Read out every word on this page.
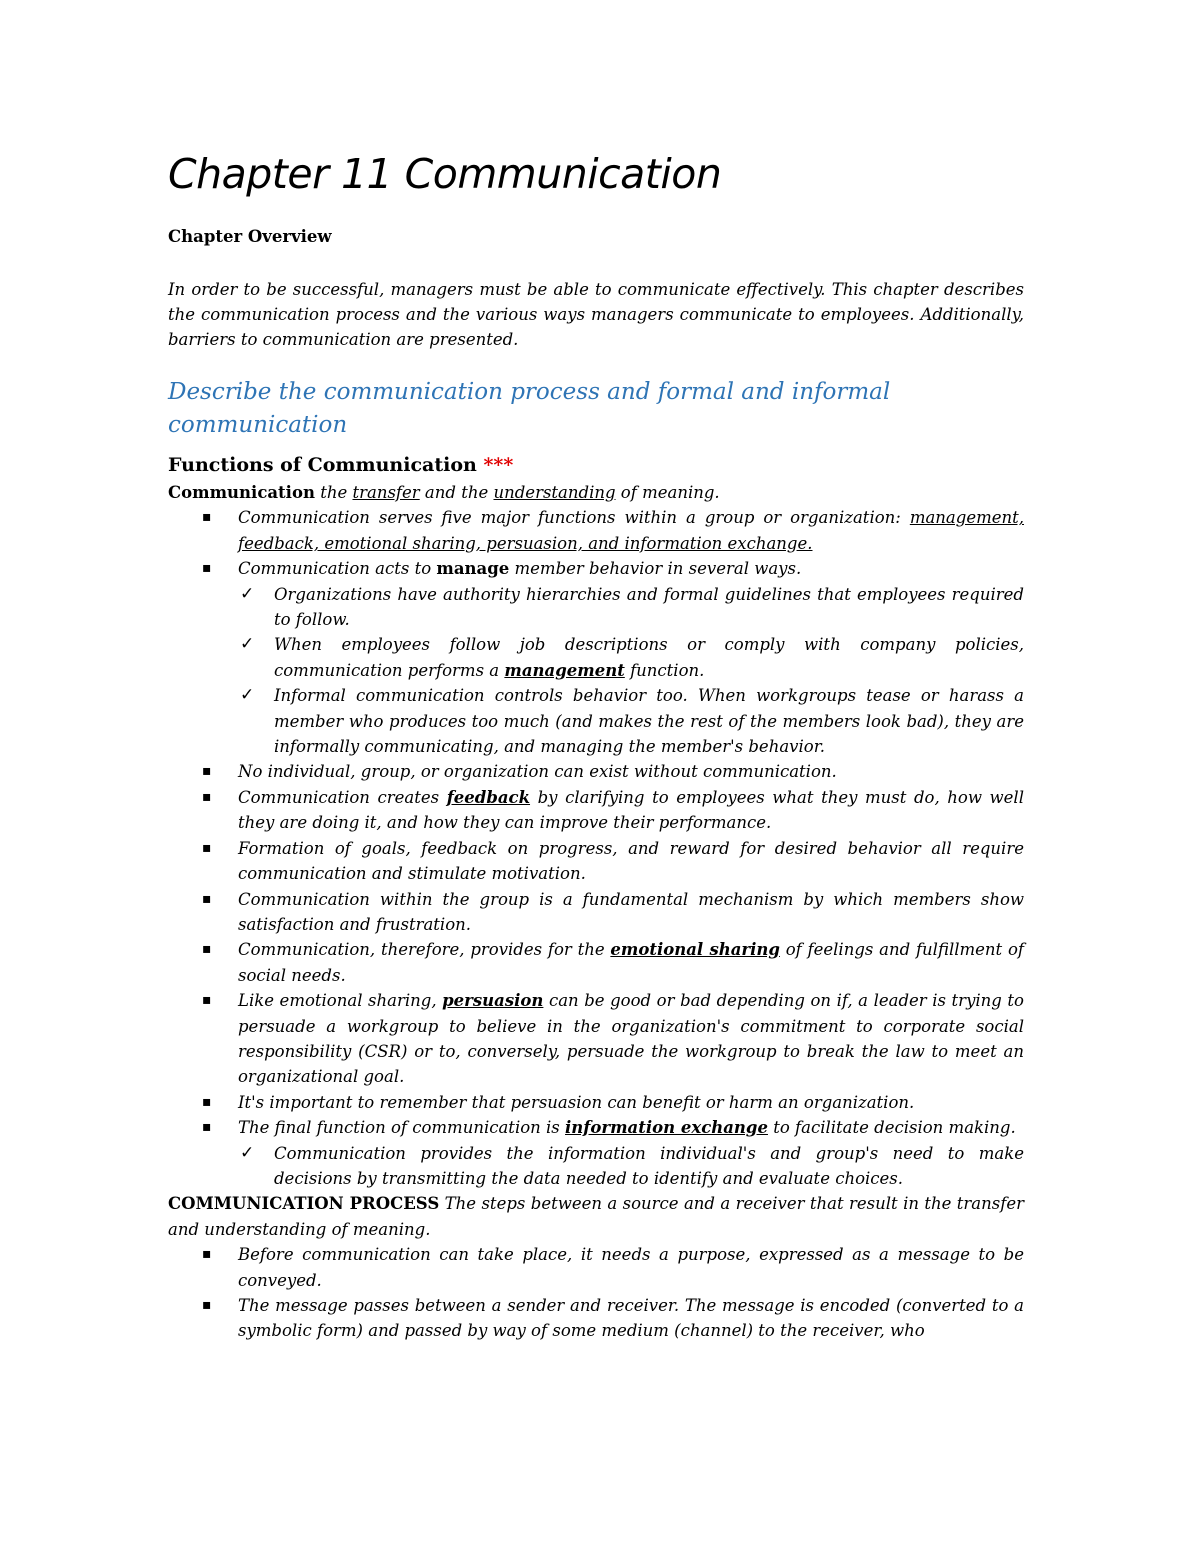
Chapter 11 Communication
Chapter Overview

In order to be successful, managers must be able to communicate effectively. This chapter describes the communication process and the various ways managers communicate to employees. Additionally, barriers to communication are presented.

Describe the communication process and formal and informal communication
Functions of Communication ***

Communication the transfer and the understanding of meaning.

▪ Communication serves five major functions within a group or organization: management, feedback, emotional sharing, persuasion, and information exchange.
▪ Communication acts to manage member behavior in several ways.
✓ Organizations have authority hierarchies and formal guidelines that employees required to follow.
✓ When employees follow job descriptions or comply with company policies, communication performs a management function.
✓ Informal communication controls behavior too. When workgroups tease or harass a member who produces too much (and makes the rest of the members look bad), they are informally communicating, and managing the member's behavior.
▪ No individual, group, or organization can exist without communication.
▪ Communication creates feedback by clarifying to employees what they must do, how well they are doing it, and how they can improve their performance.
▪ Formation of goals, feedback on progress, and reward for desired behavior all require communication and stimulate motivation.
▪ Communication within the group is a fundamental mechanism by which members show satisfaction and frustration.
▪ Communication, therefore, provides for the emotional sharing of feelings and fulfillment of social needs.
▪ Like emotional sharing, persuasion can be good or bad depending on if, a leader is trying to persuade a workgroup to believe in the organization's commitment to corporate social responsibility (CSR) or to, conversely, persuade the workgroup to break the law to meet an organizational goal.
▪ It's important to remember that persuasion can benefit or harm an organization.
▪ The final function of communication is information exchange to facilitate decision making.
✓ Communication provides the information individual's and group's need to make decisions by transmitting the data needed to identify and evaluate choices.

COMMUNICATION PROCESS The steps between a source and a receiver that result in the transfer and understanding of meaning.

▪ Before communication can take place, it needs a purpose, expressed as a message to be conveyed.
▪ The message passes between a sender and receiver. The message is encoded (converted to a symbolic form) and passed by way of some medium (channel) to the receiver, who
